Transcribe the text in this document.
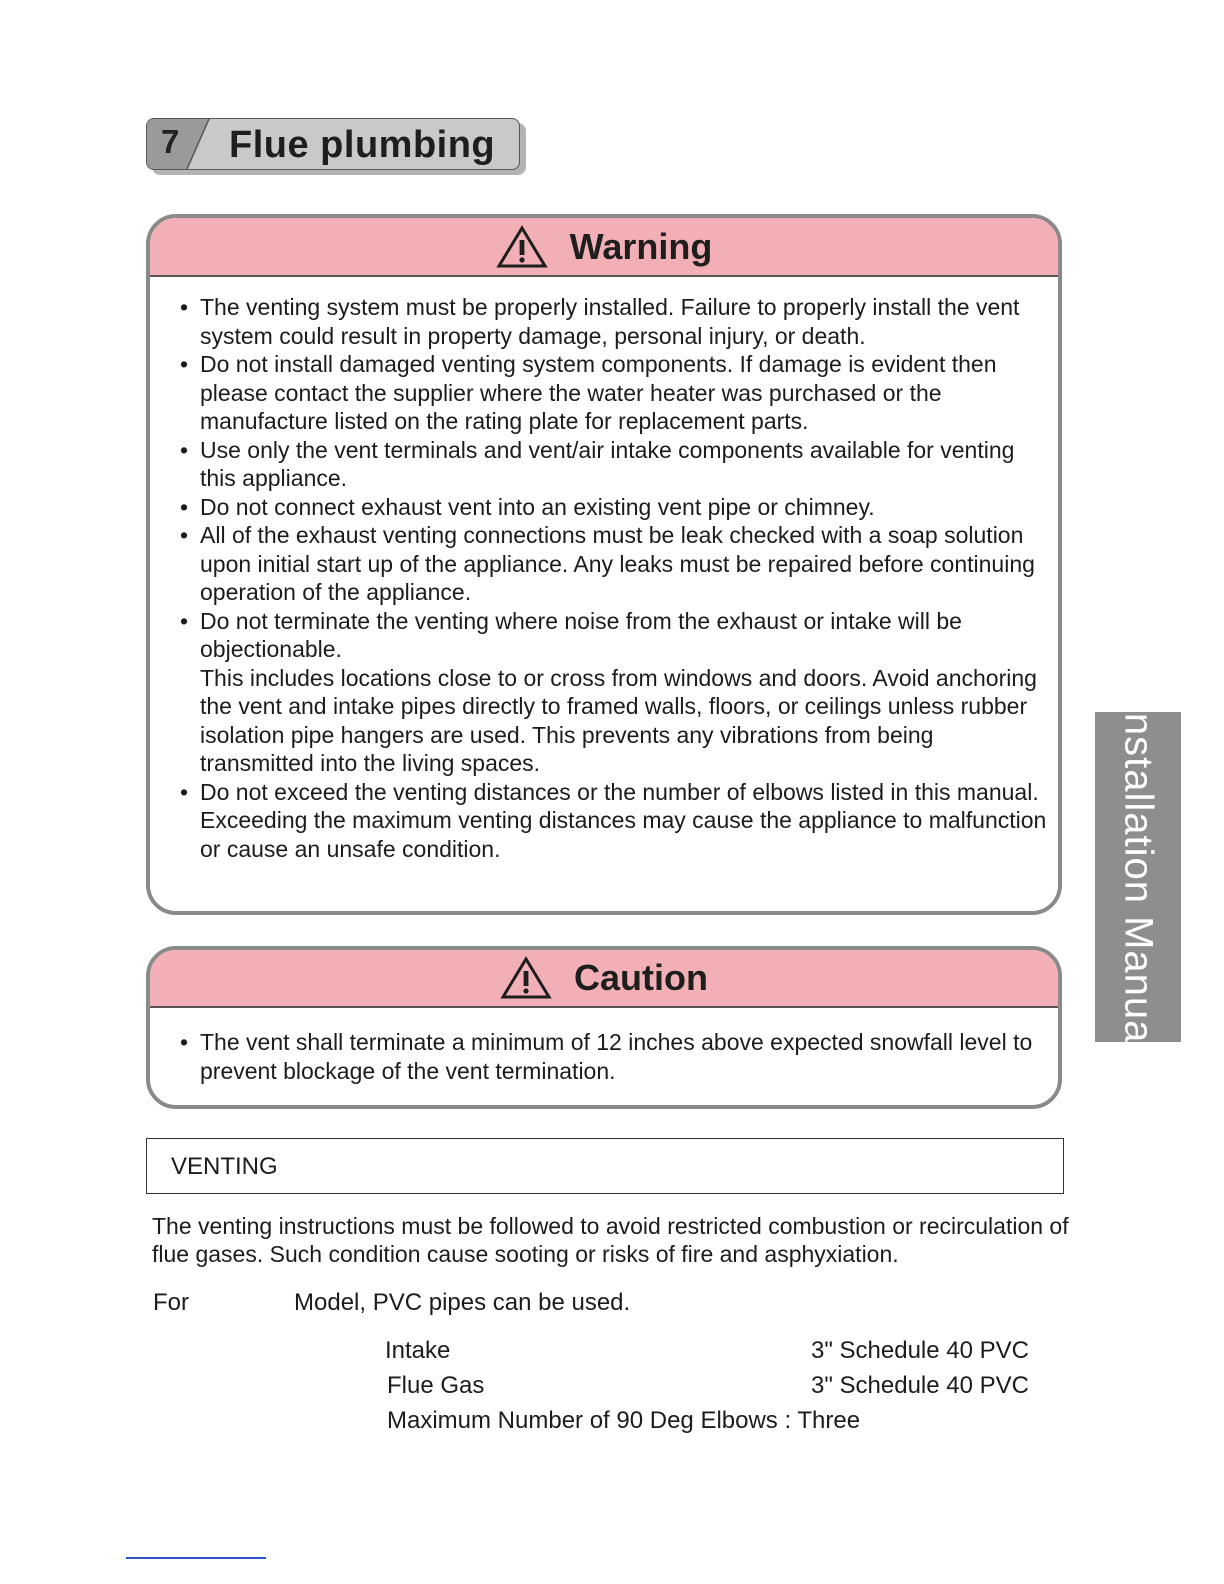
7 Flue plumbing
Warning
• The venting system must be properly installed. Failure to properly install the vent system could result in property damage, personal injury, or death.

• Do not install damaged venting system components. If damage is evident then please contact the supplier where the water heater was purchased or the manufacture listed on the rating plate for replacement parts.

• Use only the vent terminals and vent/air intake components available for venting this appliance.

• Do not connect exhaust vent into an existing vent pipe or chimney.

• All of the exhaust venting connections must be leak checked with a soap solution upon initial start up of the appliance. Any leaks must be repaired before continuing operation of the appliance.

• Do not terminate the venting where noise from the exhaust or intake will be objectionable.

This includes locations close to or cross from windows and doors. Avoid anchoring the vent and intake pipes directly to framed walls, floors, or ceilings unless rubber isolation pipe hangers are used. This prevents any vibrations from being transmitted into the living spaces.

• Do not exceed the venting distances or the number of elbows listed in this manual.

Exceeding the maximum venting distances may cause the appliance to malfunction or cause an unsafe condition.

Caution
• The vent shall terminate a minimum of 12 inches above expected snowfall level to prevent blockage of the vent termination.

VENTING
The venting instructions must be followed to avoid restricted combustion or recirculation of flue gases. Such condition cause sooting or risks of fire and asphyxiation.
For	Model, PVC pipes can be used.
Intake	3" Schedule 40 PVC
Flue Gas	3" Schedule 40 PVC
Maximum Number of 90 Deg Elbows : Three
Installation Manual
